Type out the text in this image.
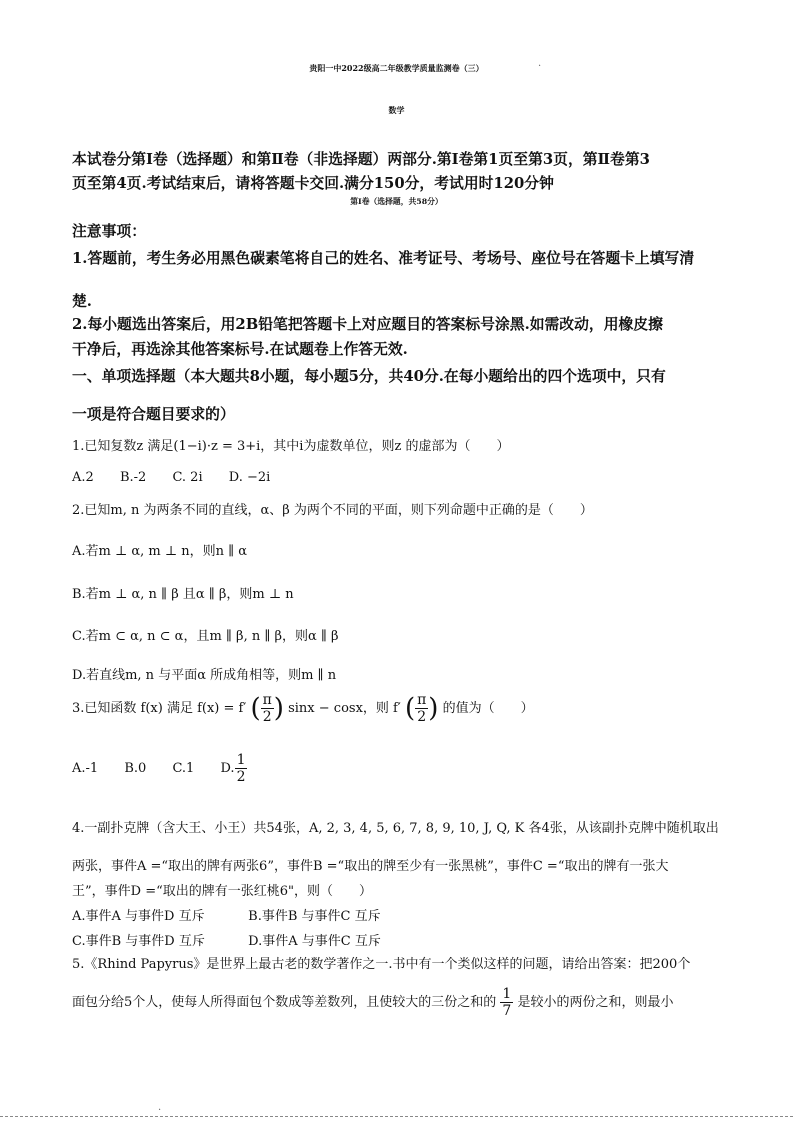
.
贵阳一中2022级高二年级教学质量监测卷（三）
数学
本试卷分第Ⅰ卷（选择题）和第Ⅱ卷（非选择题）两部分.第Ⅰ卷第1页至第3页，第Ⅱ卷第3
页至第4页.考试结束后，请将答题卡交回.满分150分，考试用时120分钟
第Ⅰ卷（选择题，共58分）
注意事项：
1.答题前，考生务必用黑色碳素笔将自己的姓名、准考证号、考场号、座位号在答题卡上填写清
楚.
2.每小题选出答案后，用2B铅笔把答题卡上对应题目的答案标号涂黑.如需改动，用橡皮擦
干净后，再选涂其他答案标号.在试题卷上作答无效.
一、单项选择题（本大题共8小题，每小题5分，共40分.在每小题给出的四个选项中，只有
一项是符合题目要求的）
1.已知复数z 满足(1−i)·z = 3+i，其中i为虚数单位，则z 的虚部为（　　）
A.2 B.-2 C. 2i D. −2i
2.已知m, n 为两条不同的直线，α、β 为两个不同的平面，则下列命题中正确的是（　　）
A.若m ⊥ α, m ⊥ n，则n ∥ α
B.若m ⊥ α, n ∥ β 且α ∥ β，则m ⊥ n
C.若m ⊂ α, n ⊂ α，且m ∥ β, n ∥ β，则α ∥ β
D.若直线m, n 与平面α 所成角相等，则m ∥ n
3.已知函数 f(x) 满足 f(x) = f′ ( $\frac{\pi}{2}$ ) sinx − cosx，则 f′ ( $\frac{\pi}{2}$ ) 的值为（　　）
A.-1 B.0 C.1 D. $\frac{1}{2}$
4.一副扑克牌（含大王、小王）共54张，A, 2, 3, 4, 5, 6, 7, 8, 9, 10, J, Q, K 各4张，从该副扑克牌中随机取出
两张，事件A =“取出的牌有两张6”，事件B =“取出的牌至少有一张黑桃”，事件C =“取出的牌有一张大
王”，事件D =“取出的牌有一张红桃6"，则（　　）
A.事件A 与事件D 互斥	B.事件B 与事件C 互斥
C.事件B 与事件D 互斥	D.事件A 与事件C 互斥
5.《Rhind Papyrus》是世界上最古老的数学著作之一.书中有一个类似这样的问题，请给出答案：把200个
面包分给5个人，使每人所得面包个数成等差数列，且使较大的三份之和的 $\frac{1}{7}$ 是较小的两份之和，则最小
.
